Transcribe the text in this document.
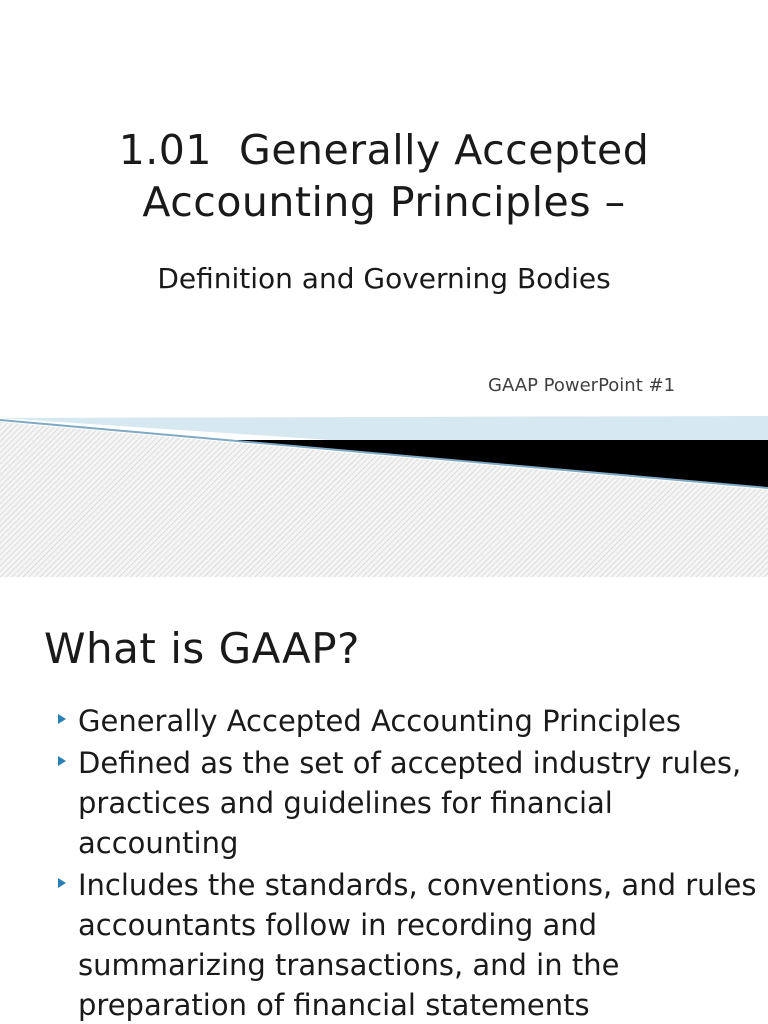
1.01  Generally Accepted
Accounting Principles –
Definition and Governing Bodies
GAAP PowerPoint #1
What is GAAP?
Generally Accepted Accounting Principles
Defined as the set of accepted industry rules, practices and guidelines for financial accounting
Includes the standards, conventions, and rules accountants follow in recording and summarizing transactions, and in the preparation of financial statements
